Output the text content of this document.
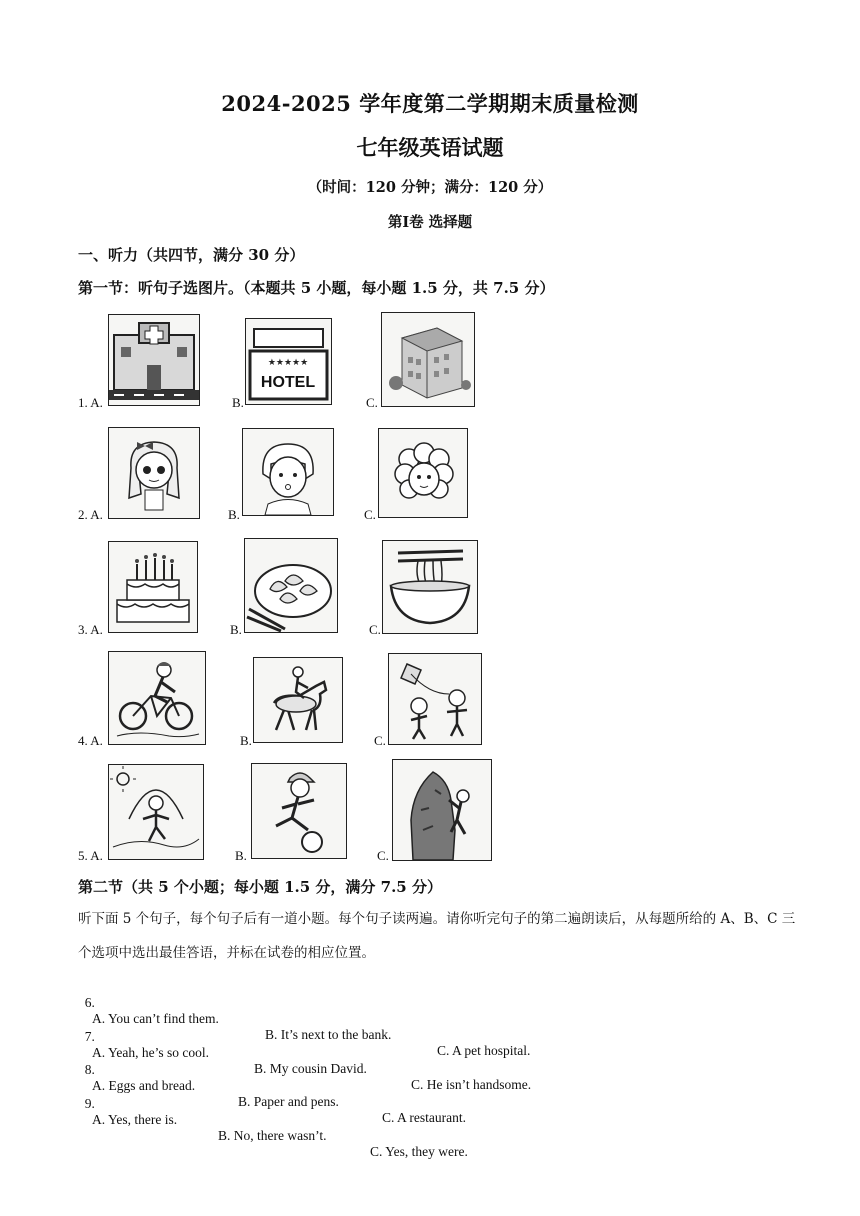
2024-2025 学年度第二学期期末质量检测
七年级英语试题
（时间：120 分钟；满分：120 分）
第Ⅰ卷 选择题
一、听力（共四节，满分 30 分）
第一节：听句子选图片。（本题共 5 小题，每小题 1.5 分，共 7.5 分）
1. A.	B.
★★★★★
HOTEL
C.
2. A.	B.	C.
3. A.	B.	C.
4. A.	B.	C.
5. A.	B.	C.
第二节（共 5 个小题；每小题 1.5 分，满分 7.5 分）
听下面 5 个句子，每个句子后有一道小题。每个句子读两遍。请你听完句子的第二遍朗读后，从每题所给的 A、B、C 三个选项中选出最佳答语，并标在试卷的相应位置。

6.

A. You can’t find them.

B. It’s next to the bank.

C. A pet hospital.

7.

A. Yeah, he’s so cool.

B. My cousin David.

C. He isn’t handsome.

8.

A. Eggs and bread.

B. Paper and pens.

C. A restaurant.

9.

A. Yes, there is.

B. No, there wasn’t.

C. Yes, they were.
